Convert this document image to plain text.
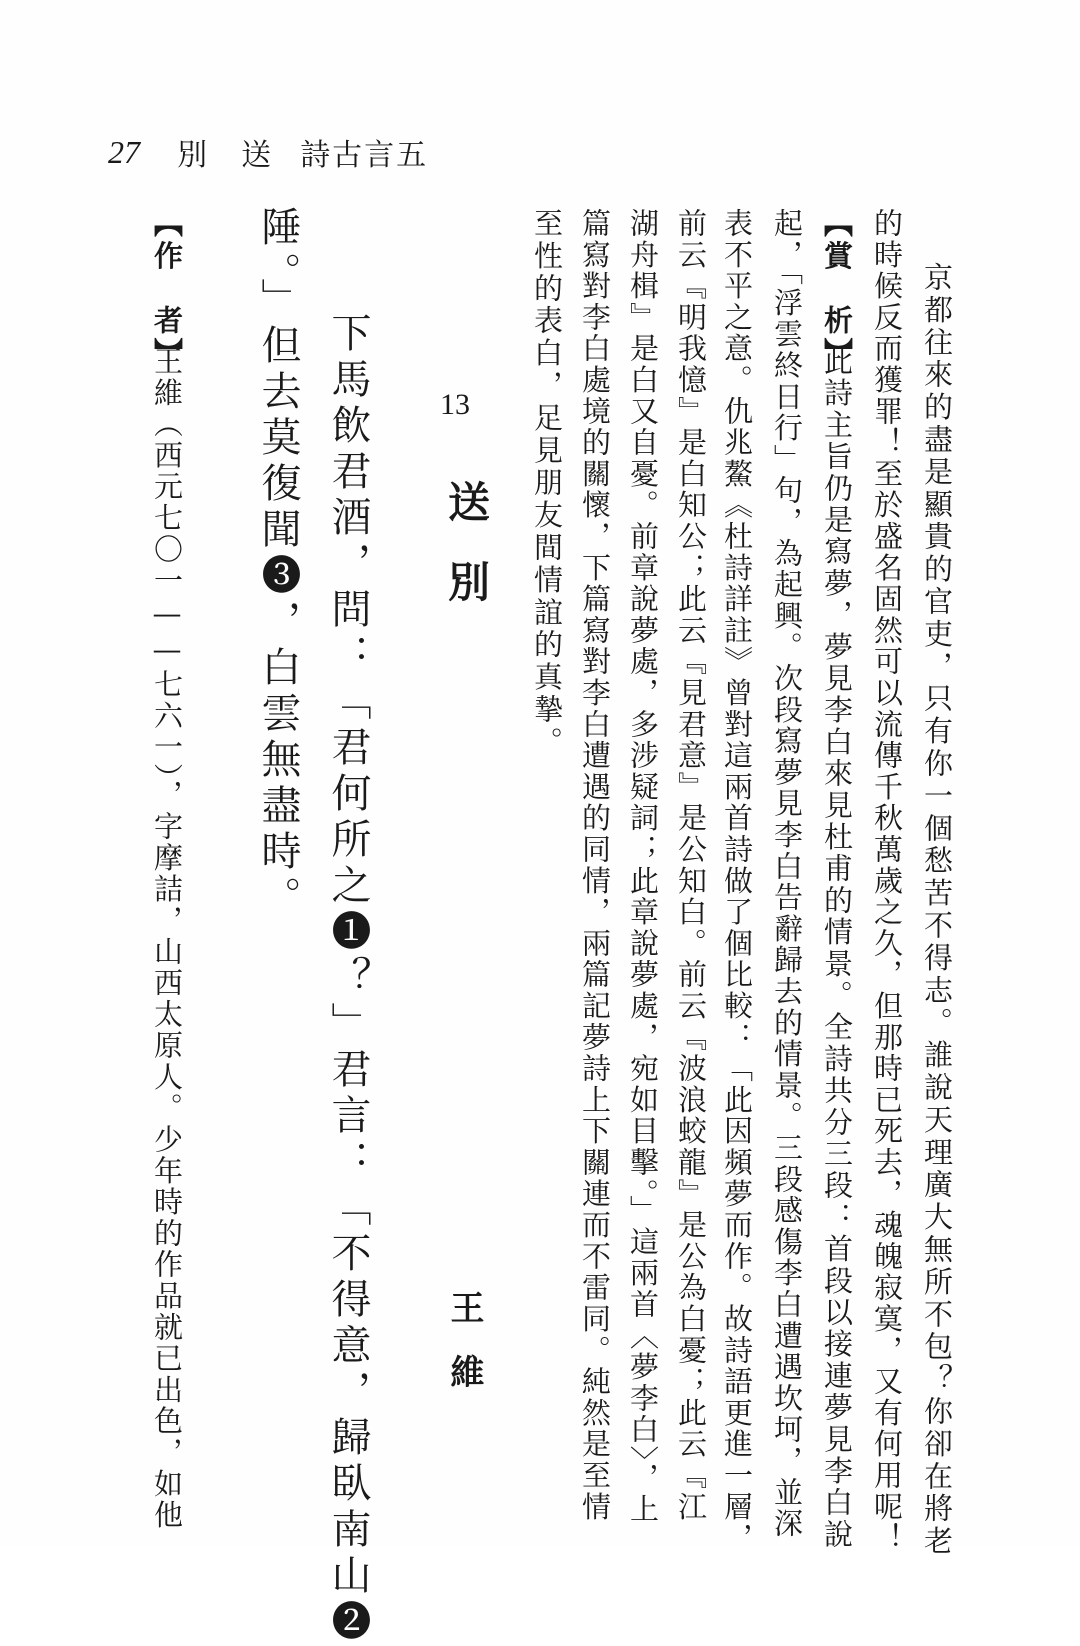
27 別　送 詩古言五
京都往來的盡是顯貴的官吏，只有你一個愁苦不得志。誰說天理廣大無所不包？你卻在將老
的時候反而獲罪！至於盛名固然可以流傳千秋萬歲之久，但那時已死去，魂魄寂寞，又有何用呢！
【賞　析】
此詩主旨仍是寫夢，夢見李白來見杜甫的情景。全詩共分三段：首段以接連夢見李白說
起，「浮雲終日行」句，為起興。次段寫夢見李白告辭歸去的情景。三段感傷李白遭遇坎坷，並深
表不平之意。仇兆鰲《杜詩詳註》曾對這兩首詩做了個比較：「此因頻夢而作。故詩語更進一層，
前云『明我憶』是白知公；此云『見君意』是公知白。前云『波浪蛟龍』是公為白憂；此云『江
湖舟楫』是白又自憂。前章說夢處，多涉疑詞；此章說夢處，宛如目擊。」這兩首〈夢李白〉，上
篇寫對李白處境的關懷，下篇寫對李白遭遇的同情，兩篇記夢詩上下關連而不雷同。純然是至情
至性的表白，足見朋友間情誼的真摯。
13
送別
王維
下馬飲君酒，問：「君何所之❶？」君言：「不得意，歸臥南山❷
陲。」但去莫復聞❸，白雲無盡時。
【作　者】
王維（西元七〇一——七六一），字摩詰，山西太原人。少年時的作品就已出色，如他
